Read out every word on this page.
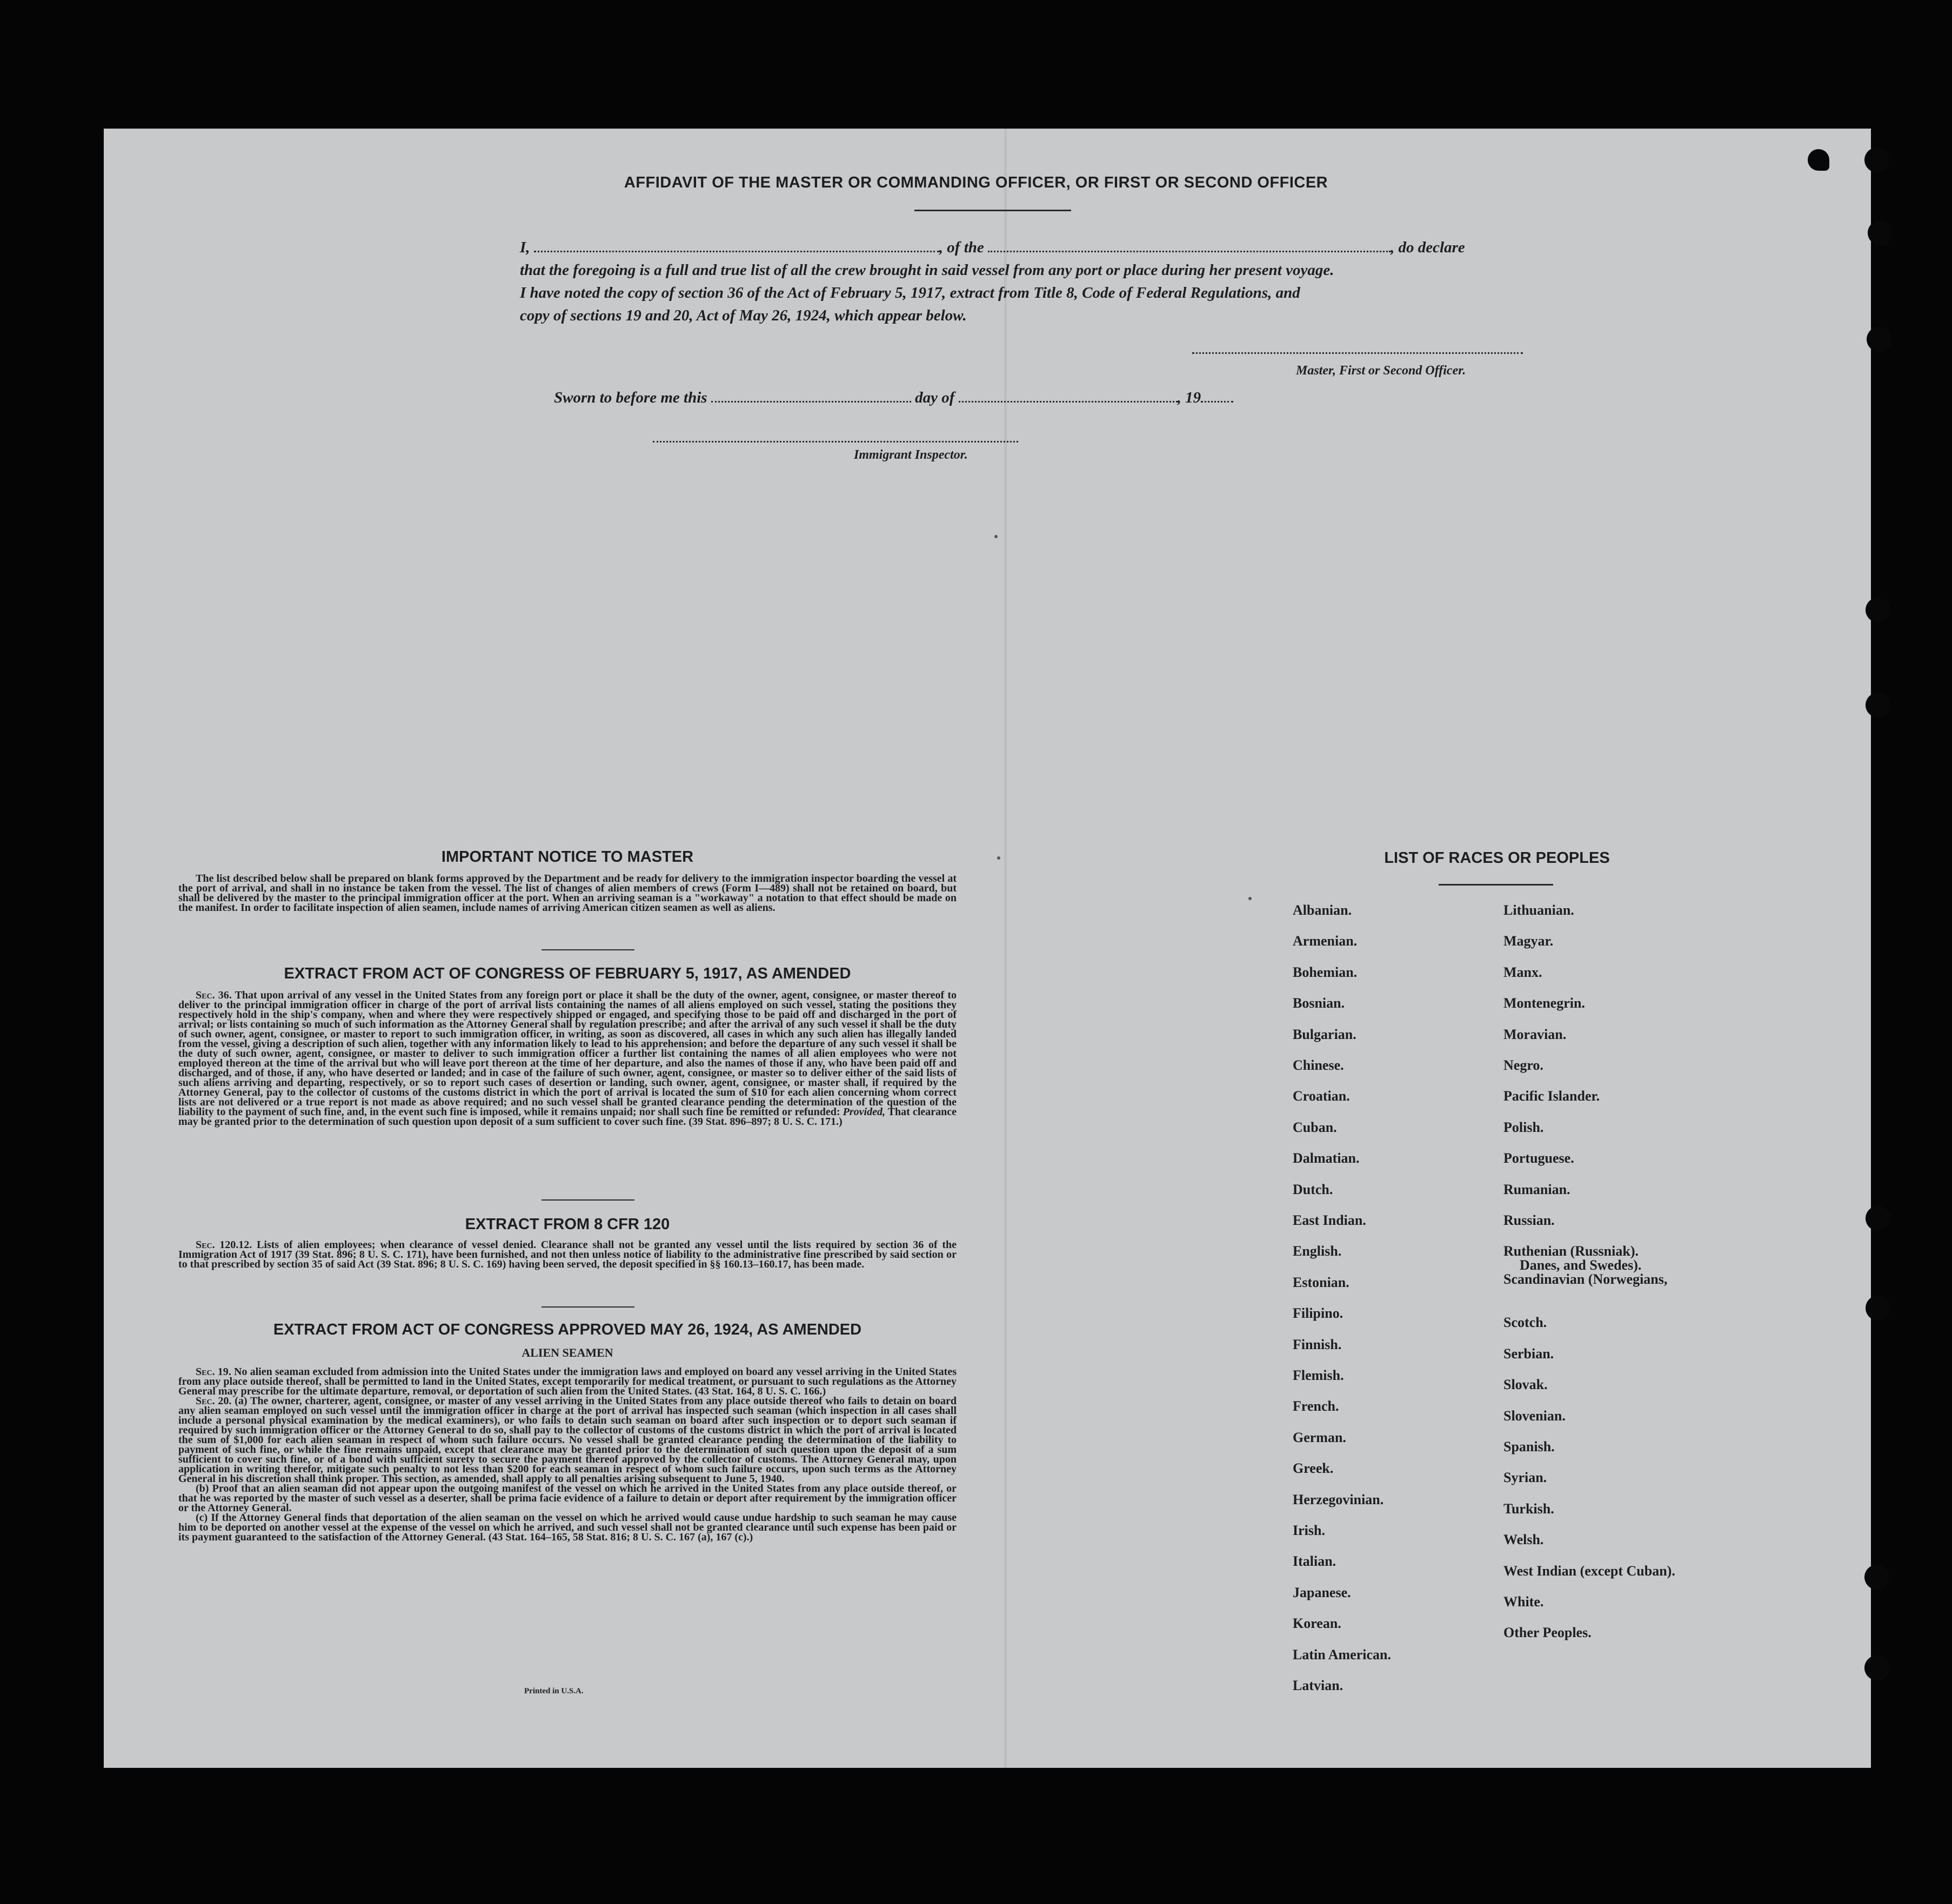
AFFIDAVIT OF THE MASTER OR COMMANDING OFFICER, OR FIRST OR SECOND OFFICER
I,	, of the	, do declare
that the foregoing is a full and true list of all the crew brought in said vessel from any port or place during her present voyage.
I have noted the copy of section 36 of the Act of February 5, 1917, extract from Title 8, Code of Federal Regulations, and
copy of sections 19 and 20, Act of May 26, 1924, which appear below.
Master, First or Second Officer.
Sworn to before me this	day of	, 19
Immigrant Inspector.
IMPORTANT NOTICE TO MASTER

The list described below shall be prepared on blank forms approved by the Department and be ready for delivery to the immigration inspector boarding the vessel at the port of arrival, and shall in no instance be taken from the vessel. The list of changes of alien members of crews (Form I—489) shall not be retained on board, but shall be delivered by the master to the principal immigration officer at the port. When an arriving seaman is a "workaway" a notation to that effect should be made on the manifest. In order to facilitate inspection of alien seamen, include names of arriving American citizen seamen as well as aliens.

EXTRACT FROM ACT OF CONGRESS OF FEBRUARY 5, 1917, AS AMENDED

Sec. 36. That upon arrival of any vessel in the United States from any foreign port or place it shall be the duty of the owner, agent, consignee, or master thereof to deliver to the principal immigration officer in charge of the port of arrival lists containing the names of all aliens employed on such vessel, stating the positions they respectively hold in the ship's company, when and where they were respectively shipped or engaged, and specifying those to be paid off and discharged in the port of arrival; or lists containing so much of such information as the Attorney General shall by regulation prescribe; and after the arrival of any such vessel it shall be the duty of such owner, agent, consignee, or master to report to such immigration officer, in writing, as soon as discovered, all cases in which any such alien has illegally landed from the vessel, giving a description of such alien, together with any information likely to lead to his apprehension; and before the departure of any such vessel it shall be the duty of such owner, agent, consignee, or master to deliver to such immigration officer a further list containing the names of all alien employees who were not employed thereon at the time of the arrival but who will leave port thereon at the time of her departure, and also the names of those if any, who have been paid off and discharged, and of those, if any, who have deserted or landed; and in case of the failure of such owner, agent, consignee, or master so to deliver either of the said lists of such aliens arriving and departing, respectively, or so to report such cases of desertion or landing, such owner, agent, consignee, or master shall, if required by the Attorney General, pay to the collector of customs of the customs district in which the port of arrival is located the sum of $10 for each alien concerning whom correct lists are not delivered or a true report is not made as above required; and no such vessel shall be granted clearance pending the determination of the question of the liability to the payment of such fine, and, in the event such fine is imposed, while it remains unpaid; nor shall such fine be remitted or refunded: Provided, That clearance may be granted prior to the determination of such question upon deposit of a sum sufficient to cover such fine. (39 Stat. 896–897; 8 U. S. C. 171.)

EXTRACT FROM 8 CFR 120

Sec. 120.12. Lists of alien employees; when clearance of vessel denied. Clearance shall not be granted any vessel until the lists required by section 36 of the Immigration Act of 1917 (39 Stat. 896; 8 U. S. C. 171), have been furnished, and not then unless notice of liability to the administrative fine prescribed by said section or to that prescribed by section 35 of said Act (39 Stat. 896; 8 U. S. C. 169) having been served, the deposit specified in §§ 160.13–160.17, has been made.

EXTRACT FROM ACT OF CONGRESS APPROVED MAY 26, 1924, AS AMENDED
ALIEN SEAMEN

Sec. 19. No alien seaman excluded from admission into the United States under the immigration laws and employed on board any vessel arriving in the United States from any place outside thereof, shall be permitted to land in the United States, except temporarily for medical treatment, or pursuant to such regulations as the Attorney General may prescribe for the ultimate departure, removal, or deportation of such alien from the United States. (43 Stat. 164, 8 U. S. C. 166.)

Sec. 20. (a) The owner, charterer, agent, consignee, or master of any vessel arriving in the United States from any place outside thereof who fails to detain on board any alien seaman employed on such vessel until the immigration officer in charge at the port of arrival has inspected such seaman (which inspection in all cases shall include a personal physical examination by the medical examiners), or who fails to detain such seaman on board after such inspection or to deport such seaman if required by such immigration officer or the Attorney General to do so, shall pay to the collector of customs of the customs district in which the port of arrival is located the sum of $1,000 for each alien seaman in respect of whom such failure occurs. No vessel shall be granted clearance pending the determination of the liability to payment of such fine, or while the fine remains unpaid, except that clearance may be granted prior to the determination of such question upon the deposit of a sum sufficient to cover such fine, or of a bond with sufficient surety to secure the payment thereof approved by the collector of customs. The Attorney General may, upon application in writing therefor, mitigate such penalty to not less than $200 for each seaman in respect of whom such failure occurs, upon such terms as the Attorney General in his discretion shall think proper. This section, as amended, shall apply to all penalties arising subsequent to June 5, 1940.

(b) Proof that an alien seaman did not appear upon the outgoing manifest of the vessel on which he arrived in the United States from any place outside thereof, or that he was reported by the master of such vessel as a deserter, shall be prima facie evidence of a failure to detain or deport after requirement by the immigration officer or the Attorney General.

(c) If the Attorney General finds that deportation of the alien seaman on the vessel on which he arrived would cause undue hardship to such seaman he may cause him to be deported on another vessel at the expense of the vessel on which he arrived, and such vessel shall not be granted clearance until such expense has been paid or its payment guaranteed to the satisfaction of the Attorney General. (43 Stat. 164–165, 58 Stat. 816; 8 U. S. C. 167 (a), 167 (c).)

Printed in U.S.A.
LIST OF RACES OR PEOPLES
Albanian.
Armenian.
Bohemian.
Bosnian.
Bulgarian.
Chinese.
Croatian.
Cuban.
Dalmatian.
Dutch.
East Indian.
English.
Estonian.
Filipino.
Finnish.
Flemish.
French.
German.
Greek.
Herzegovinian.
Irish.
Italian.
Japanese.
Korean.
Latin American.
Latvian.
Lithuanian.
Magyar.
Manx.
Montenegrin.
Moravian.
Negro.
Pacific Islander.
Polish.
Portuguese.
Rumanian.
Russian.
Ruthenian (Russniak).
Scandinavian (Norwegians,
Danes, and Swedes).
Scotch.
Serbian.
Slovak.
Slovenian.
Spanish.
Syrian.
Turkish.
Welsh.
West Indian (except Cuban).
White.
Other Peoples.
